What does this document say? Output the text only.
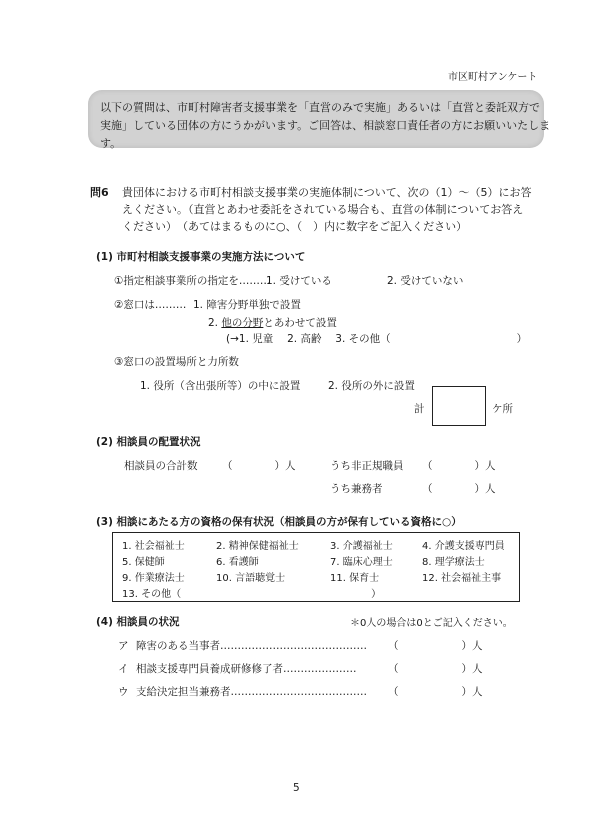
市区町村アンケート
以下の質問は、市町村障害者支援事業を「直営のみで実施」あるいは「直営と委託双方で
実施」している団体の方にうかがいます。ご回答は、相談窓口責任者の方にお願いいたしま
す。
問6 貴団体における市町村相談支援事業の実施体制について、次の（1）～（5）にお答
えください。（直営とあわせ委託をされている場合も、直営の体制についてお答え
ください）　（あてはまるものに○、（　）内に数字をご記入ください）
(1) 市町村相談支援事業の実施方法について
①指定相談事業所の指定を………
1. 受けている	2. 受けていない
②窓口は……… 1. 障害分野単独で設置
2. 他の分野とあわせて設置
(→1. 児童　 2. 高齢　 3. その他（　　　　　　　　　　　　）
③窓口の設置場所と力所数
1. 役所（含出張所等）の中に設置	2. 役所の外に設置
計	ケ所
(2) 相談員の配置状況
相談員の合計数 （　　　　）人	うち非正規職員 （　　　　）人
うち兼務者	（　　　　）人
(3) 相談にあたる方の資格の保有状況（相談員の方が保有している資格に○）
1. 社会福祉士	2. 精神保健福祉士	3. 介護福祉士	4. 介護支援専門員
5. 保健師	6. 看護師	7. 臨床心理士	8. 理学療法士
9. 作業療法士	10. 言語聴覚士	11. 保育士	12. 社会福祉主事
13. その他（　　　　　　　　　　　　　　　　　　　）
(4) 相談員の状況	＊0人の場合は0とご記入ください。
ア 障害のある当事者…………………………………… （　　　　　　）人
イ 相談支援専門員養成研修修了者…………………	（　　　　　　）人
ウ 支給決定担当兼務者………………………………… （　　　　　　）人
5
